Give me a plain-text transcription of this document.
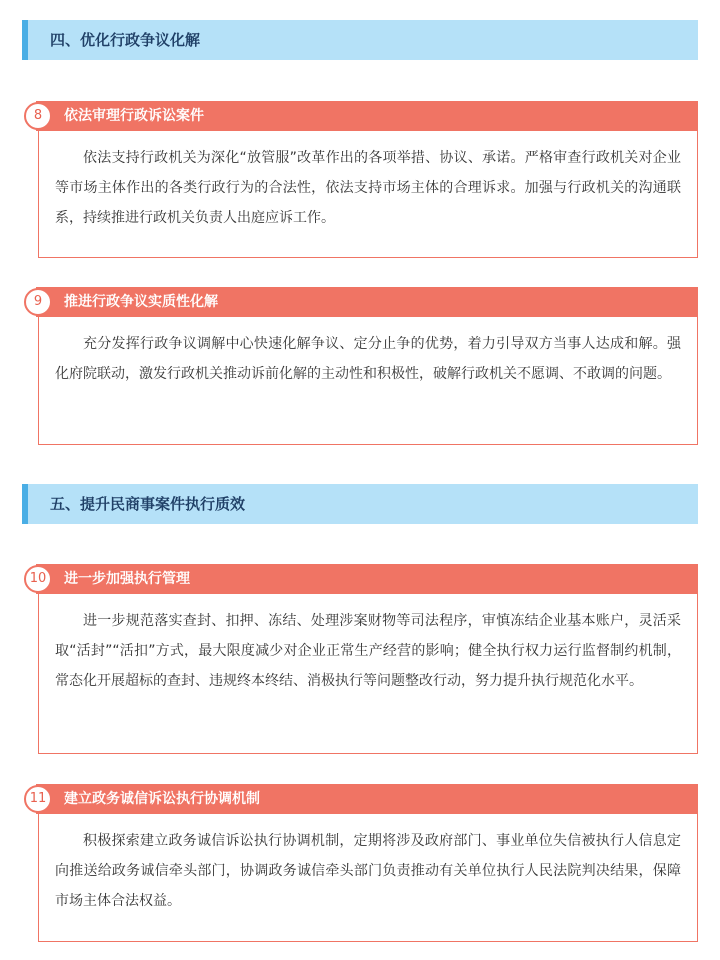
四、优化行政争议化解
8	依法审理行政诉讼案件
依法支持行政机关为深化“放管服”改革作出的各项举措、协议、承诺。严格审查行政机关对企业等市场主体作出的各类行政行为的合法性，依法支持市场主体的合理诉求。加强与行政机关的沟通联系，持续推进行政机关负责人出庭应诉工作。
9	推进行政争议实质性化解
充分发挥行政争议调解中心快速化解争议、定分止争的优势，着力引导双方当事人达成和解。强化府院联动，激发行政机关推动诉前化解的主动性和积极性，破解行政机关不愿调、不敢调的问题。
五、提升民商事案件执行质效
10	进一步加强执行管理
进一步规范落实查封、扣押、冻结、处理涉案财物等司法程序，审慎冻结企业基本账户，灵活采取“活封”“活扣”方式，最大限度减少对企业正常生产经营的影响；健全执行权力运行监督制约机制，常态化开展超标的查封、违规终本终结、消极执行等问题整改行动，努力提升执行规范化水平。
11	建立政务诚信诉讼执行协调机制
积极探索建立政务诚信诉讼执行协调机制，定期将涉及政府部门、事业单位失信被执行人信息定向推送给政务诚信牵头部门，协调政务诚信牵头部门负责推动有关单位执行人民法院判决结果，保障市场主体合法权益。
